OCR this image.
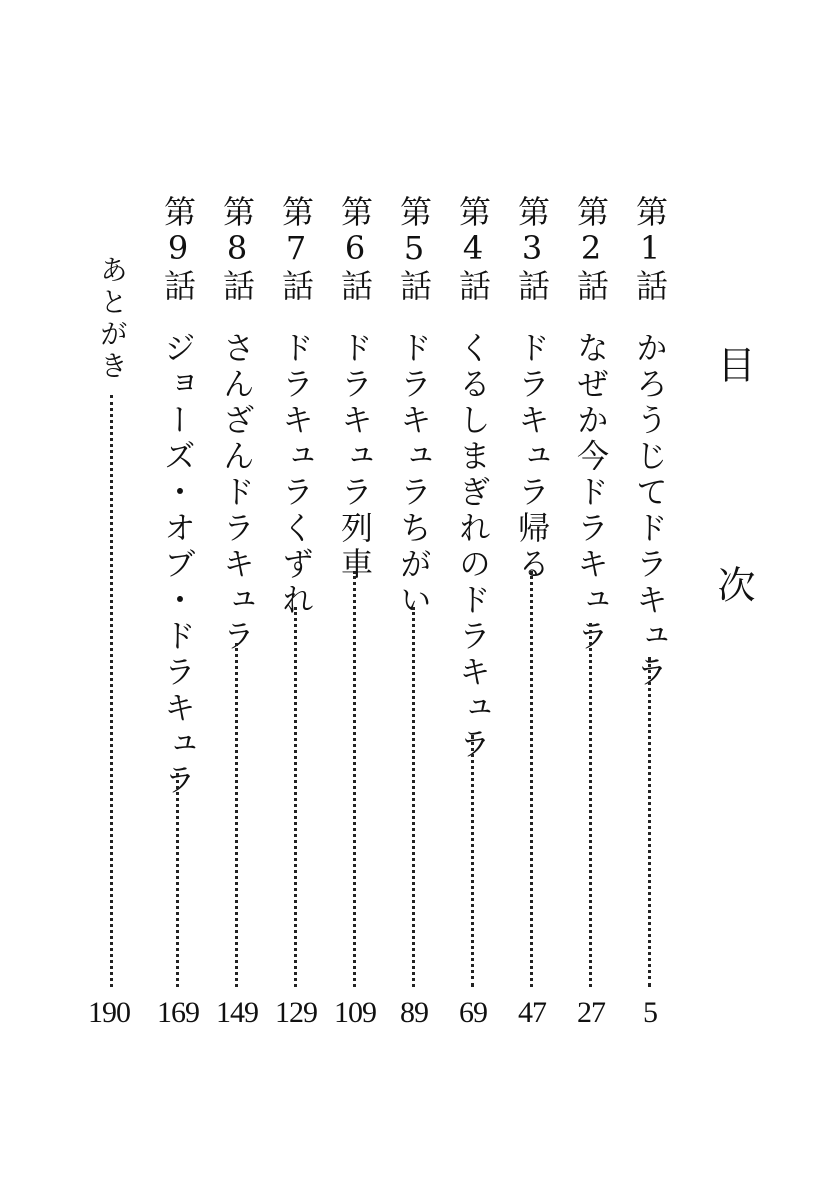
目　次
第1話
かろうじてドラキュラ
5
第2話
なぜか今ドラキュラ
27
第3話
ドラキュラ帰る
47
第4話
くるしまぎれのドラキュラ
69
第5話
ドラキュラちがい
89
第6話
ドラキュラ列車
109
第7話
ドラキュラくずれ
129
第8話
さんざんドラキュラ
149
第9話
ジョーズ・オブ・ドラキュラ
169
あとがき
190
